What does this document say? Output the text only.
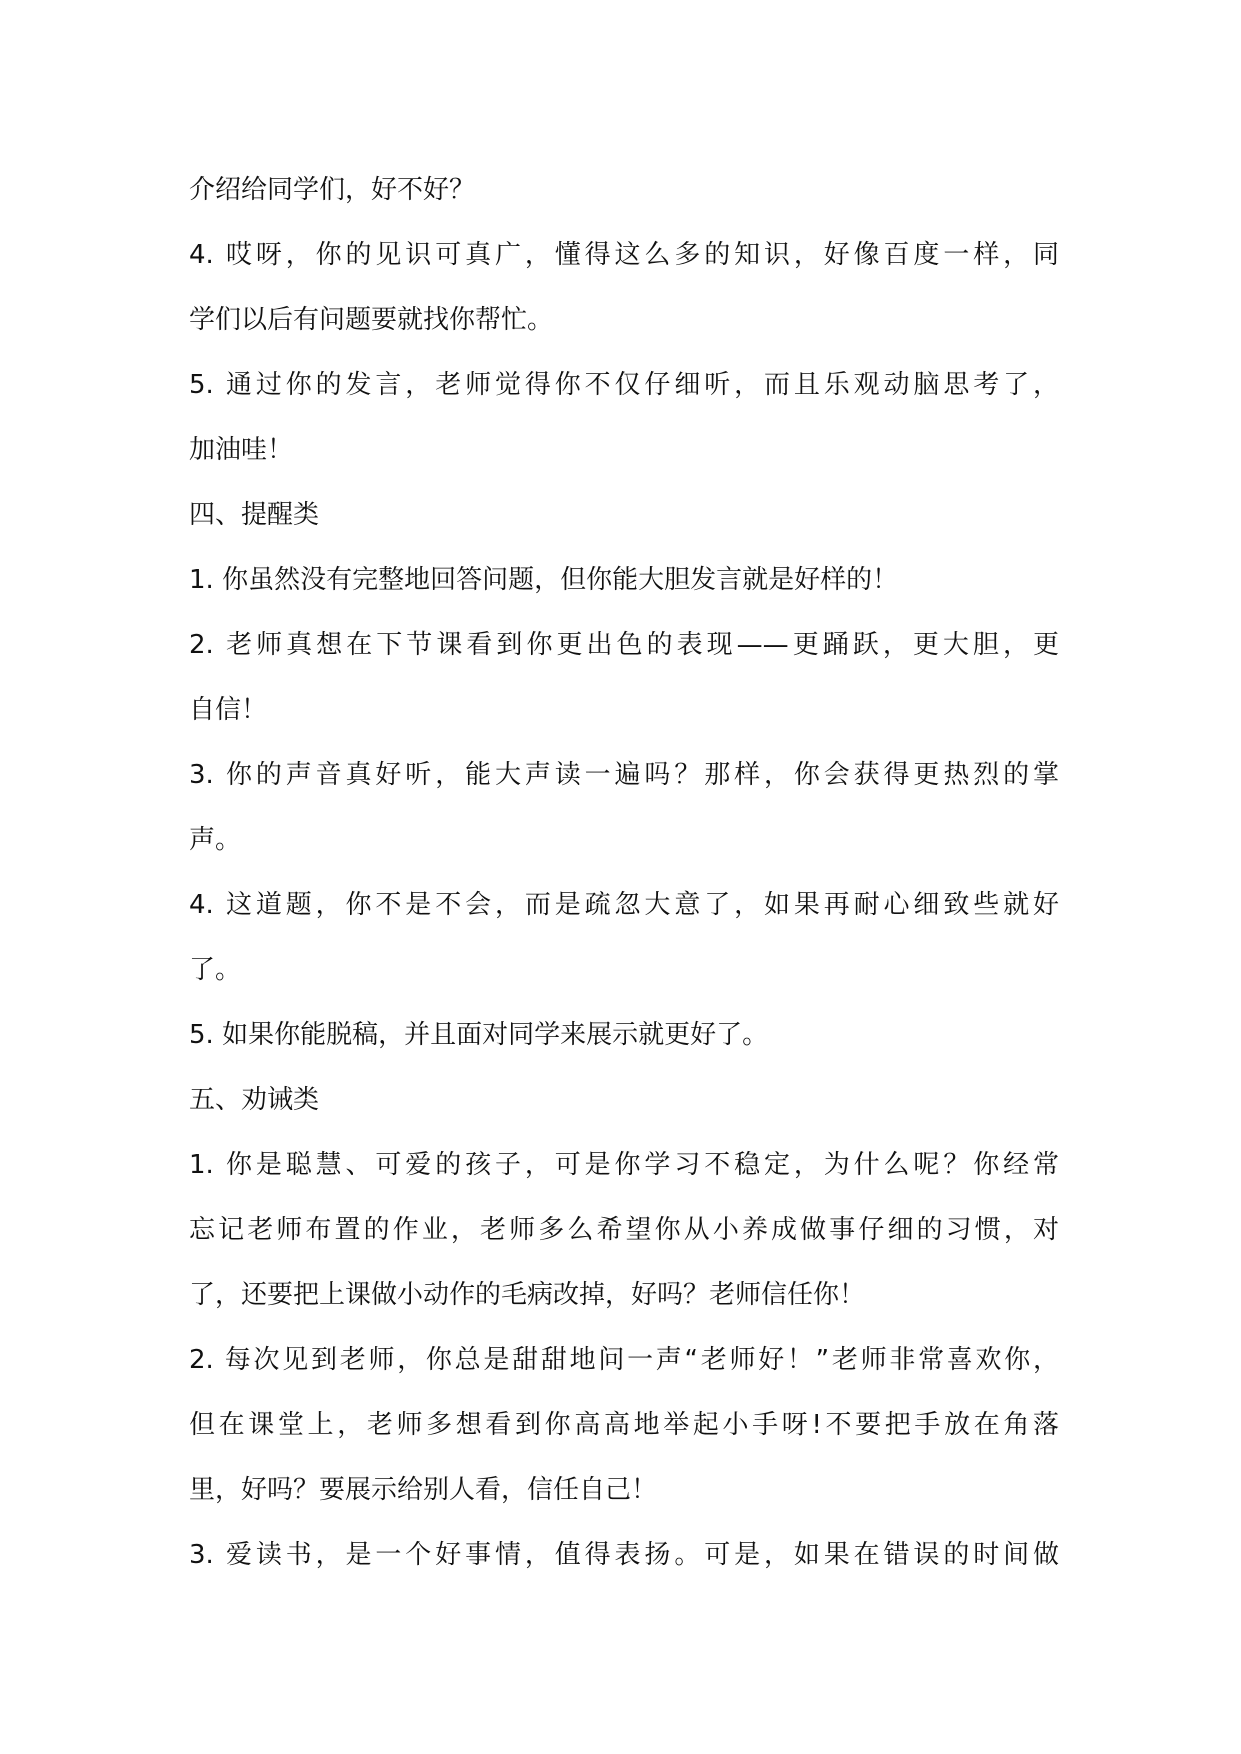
介绍给同学们，好不好？
4. 哎呀，你的见识可真广，懂得这么多的知识，好像百度一样，同
学们以后有问题要就找你帮忙。
5. 通过你的发言，老师觉得你不仅仔细听，而且乐观动脑思考了，
加油哇！
四、提醒类
1. 你虽然没有完整地回答问题，但你能大胆发言就是好样的！
2. 老师真想在下节课看到你更出色的表现——更踊跃，更大胆，更
自信！
3. 你的声音真好听，能大声读一遍吗？那样，你会获得更热烈的掌
声。
4. 这道题，你不是不会，而是疏忽大意了，如果再耐心细致些就好
了。
5. 如果你能脱稿，并且面对同学来展示就更好了。
五、劝诫类
1. 你是聪慧、可爱的孩子，可是你学习不稳定，为什么呢？你经常
忘记老师布置的作业，老师多么希望你从小养成做事仔细的习惯，对
了，还要把上课做小动作的毛病改掉，好吗？老师信任你！
2. 每次见到老师，你总是甜甜地问一声“老师好！”老师非常喜欢你，
但在课堂上，老师多想看到你高高地举起小手呀!不要把手放在角落
里，好吗？要展示给别人看，信任自己！
3. 爱读书，是一个好事情，值得表扬。可是，如果在错误的时间做
